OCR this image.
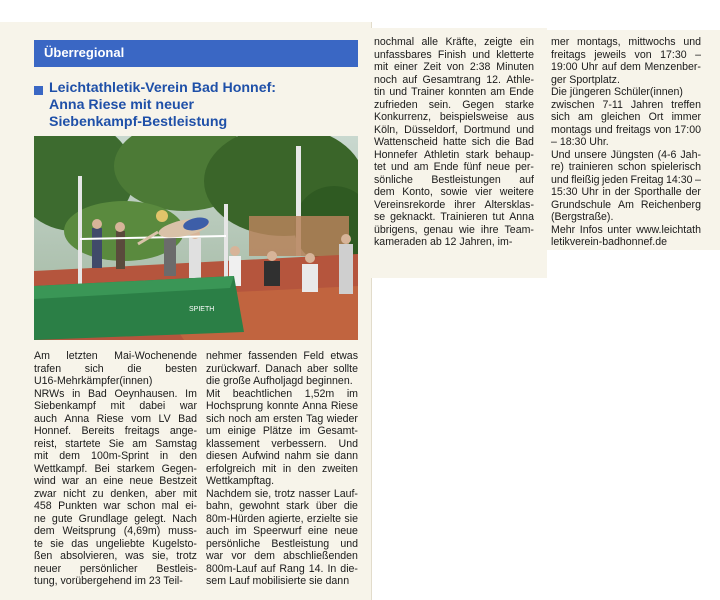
Überregional
Leichtathletik-Verein Bad Honnef:
Anna Riese mit neuer
Siebenkampf-Bestleistung
SPIETH
Am letzten Mai-Wochenende
trafen sich die besten
U16-Mehrkämpfer(innen)
NRWs in Bad Oeynhausen. Im
Siebenkampf mit dabei war
auch Anna Riese vom LV Bad
Honnef. Bereits freitags ange-
reist, startete Sie am Samstag
mit dem 100m-Sprint in den
Wettkampf. Bei starkem Gegen-
wind war an eine neue Bestzeit
zwar nicht zu denken, aber mit
458 Punkten war schon mal ei-
ne gute Grundlage gelegt. Nach
dem Weitsprung (4,69m) muss-
te sie das ungeliebte Kugelsto-
ßen absolvieren, was sie, trotz
neuer persönlicher Bestleis-
tung, vorübergehend im 23 Teil-
nehmer fassenden Feld etwas
zurückwarf. Danach aber sollte
die große Aufholjagd beginnen.
Mit beachtlichen 1,52m im
Hochsprung konnte Anna Riese
sich noch am ersten Tag wieder
um einige Plätze im Gesamt-
klassement verbessern. Und
diesen Aufwind nahm sie dann
erfolgreich mit in den zweiten
Wettkampftag.
Nachdem sie, trotz nasser Lauf-
bahn, gewohnt stark über die
80m-Hürden agierte, erzielte sie
auch im Speerwurf eine neue
persönliche Bestleistung und
war vor dem abschließenden
800m-Lauf auf Rang 14. In die-
sem Lauf mobilisierte sie dann
nochmal alle Kräfte, zeigte ein
unfassbares Finish und kletterte
mit einer Zeit von 2:38 Minuten
noch auf Gesamtrang 12. Athle-
tin und Trainer konnten am Ende
zufrieden sein. Gegen starke
Konkurrenz, beispielsweise aus
Köln, Düsseldorf, Dortmund und
Wattenscheid hatte sich die Bad
Honnefer Athletin stark behaup-
tet und am Ende fünf neue per-
sönliche Bestleistungen auf
dem Konto, sowie vier weitere
Vereinsrekorde ihrer Altersklas-
se geknackt. Trainieren tut Anna
übrigens, genau wie ihre Team-
kameraden ab 12 Jahren, im-
mer montags, mittwochs und
freitags jeweils von 17:30 –
19:00 Uhr auf dem Menzenber-
ger Sportplatz.
Die jüngeren Schüler(innen)
zwischen 7-11 Jahren treffen
sich am gleichen Ort immer
montags und freitags von 17:00
– 18:30 Uhr.
Und unsere Jüngsten (4-6 Jah-
re) trainieren schon spielerisch
und fleißig jeden Freitag 14:30 –
15:30 Uhr in der Sporthalle der
Grundschule Am Reichenberg
(Bergstraße).
Mehr Infos unter www.leichtath
letikverein-badhonnef.de
